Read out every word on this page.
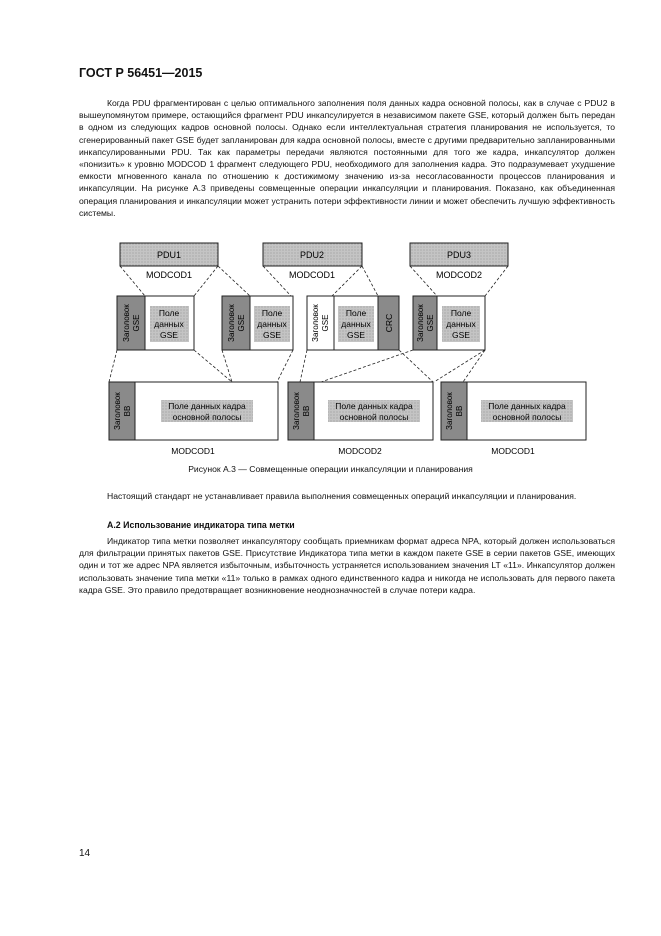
ГОСТ Р 56451—2015

Когда PDU фрагментирован с целью оптимального заполнения поля данных кадра основной полосы, как в случае с PDU2 в вышеупомянутом примере, остающийся фрагмент PDU инкапсулируется в независимом пакете GSE, который должен быть передан в одном из следующих кадров основной полосы. Однако если интеллектуальная стратегия планирования не используется, то сгенерированный пакет GSE будет запланирован для кадра основной полосы, вместе с другими предварительно запланированными инкапсулированными PDU. Так как параметры передачи являются постоянными для того же кадра, инкапсулятор должен «понизить» к уровню MODCOD 1 фрагмент следующего PDU, необходимого для заполнения кадра. Это подразумевает ухудшение емкости мгновенного канала по отношению к достижимому значению из-за несогласованности процессов планирования и инкапсуляции. На рисунке А.3 приведены совмещенные операции инкапсуляции и планирования. Показано, как объединенная операция планирования и инкапсуляции может устранить потери эффективности линии и может обеспечить лучшую эффективность системы.

PDU1
MODCOD1
PDU2
MODCOD1
PDU3
MODCOD2
Заголовок GSE
Поле
данных
GSE	Заголовок GSE
Поле
данных
GSE	Заголовок GSE
Поле
данных
GSE
CRC	Заголовок GSE
Поле
данных
GSE
Заголовок BB	Поле данных кадра
основной полосы
MODCOD1
Заголовок BB	Поле данных кадра
основной полосы
MODCOD2
Заголовок BB	Поле данных кадра
основной полосы
MODCOD1
Рисунок А.3 — Совмещенные операции инкапсуляции и планирования

Настоящий стандарт не устанавливает правила выполнения совмещенных операций инкапсуляции и планирования.

А.2 Использование индикатора типа метки

Индикатор типа метки позволяет инкапсулятору сообщать приемникам формат адреса NPA, который должен использоваться для фильтрации принятых пакетов GSE. Присутствие Индикатора типа метки в каждом пакете GSE в серии пакетов GSE, имеющих один и тот же адрес NPA является избыточным, избыточность устраняется использованием значения LT «11». Инкапсулятор должен использовать значение типа метки «11» только в рамках одного единственного кадра и никогда не использовать для первого пакета кадра GSE. Это правило предотвращает возникновение неоднозначностей в случае потери кадра.

14
